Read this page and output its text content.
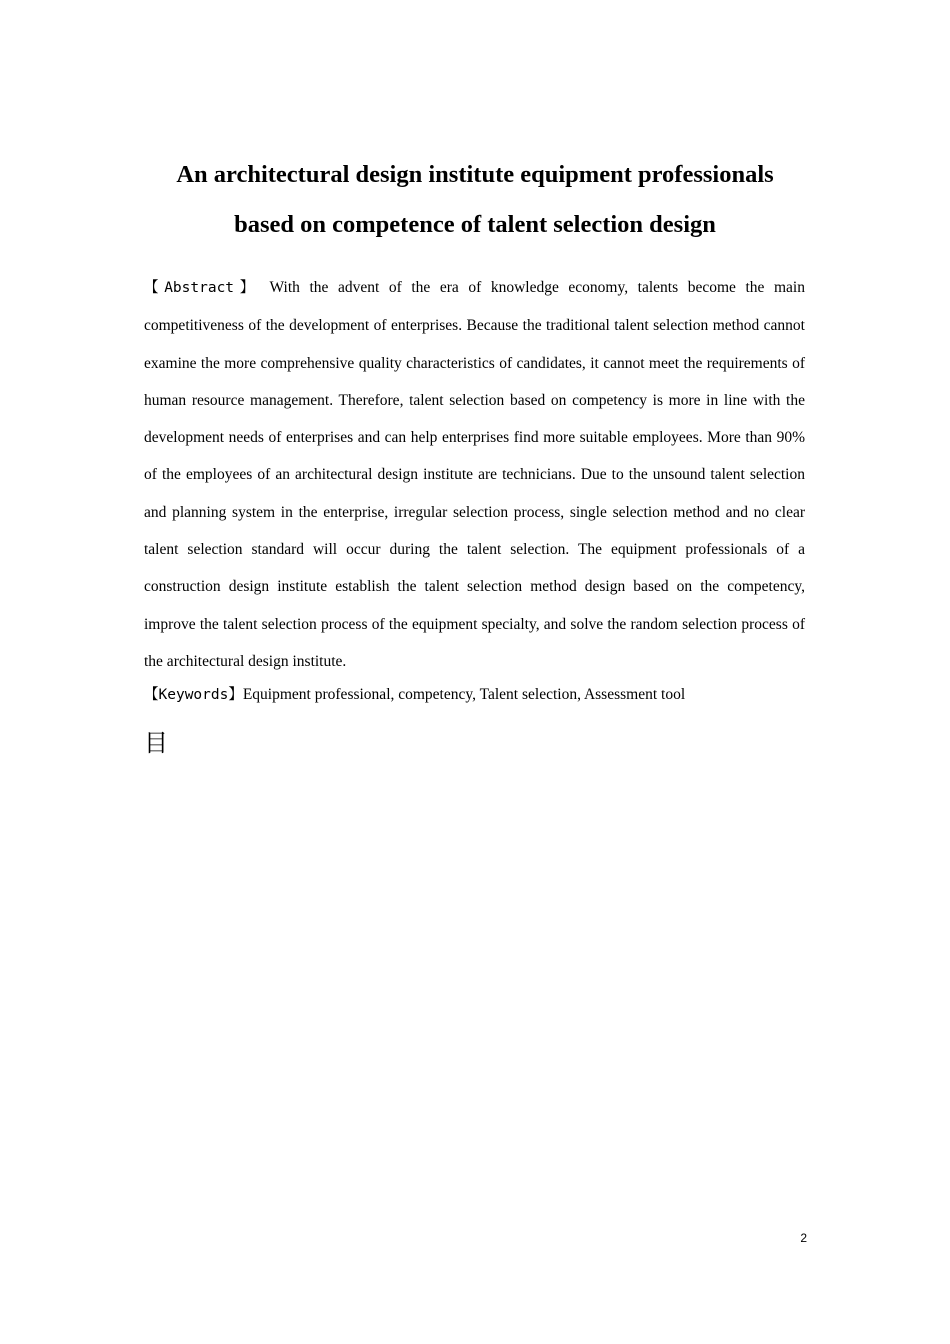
An architectural design institute equipment professionals
based on competence of talent selection design

【Abstract】 With the advent of the era of knowledge economy, talents become the main competitiveness of the development of enterprises. Because the traditional talent selection method cannot examine the more comprehensive quality characteristics of candidates, it cannot meet the requirements of human resource management. Therefore, talent selection based on competency is more in line with the development needs of enterprises and can help enterprises find more suitable employees. More than 90% of the employees of an architectural design institute are technicians. Due to the unsound talent selection and planning system in the enterprise, irregular selection process, single selection method and no clear talent selection standard will occur during the talent selection. The equipment professionals of a construction design institute establish the talent selection method design based on the competency, improve the talent selection process of the equipment specialty, and solve the random selection process of the architectural design institute.

【Keywords】Equipment professional, competency, Talent selection, Assessment tool

目
2
